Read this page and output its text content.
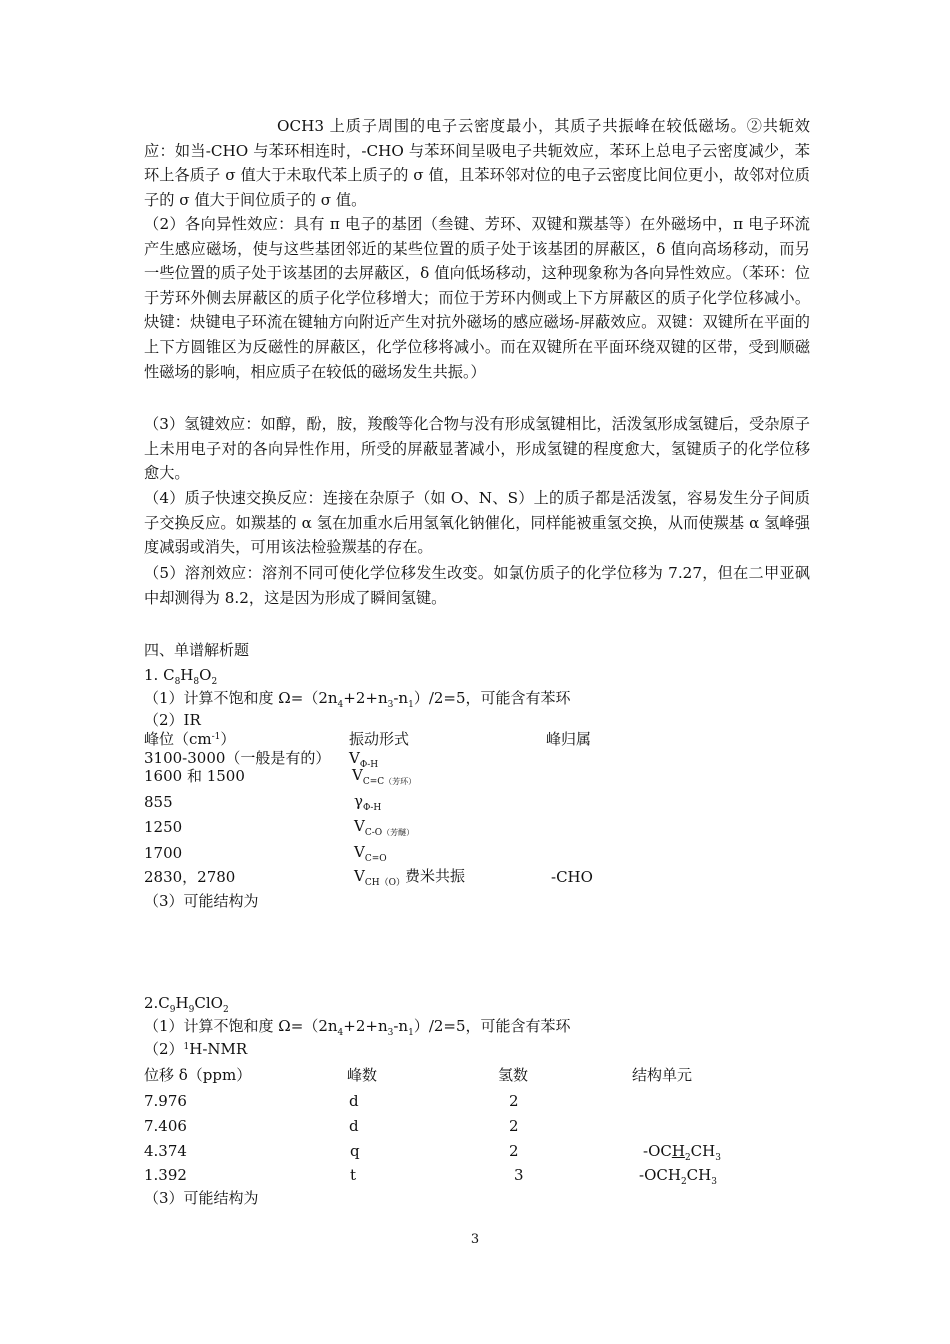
OCH3 上质子周围的电子云密度最小，其质子共振峰在较低磁场。②共轭效应：如当-CHO 与苯环相连时，-CHO 与苯环间呈吸电子共轭效应，苯环上总电子云密度减少，苯环上各质子 σ 值大于未取代苯上质子的 σ 值，且苯环邻对位的电子云密度比间位更小，故邻对位质子的 σ 值大于间位质子的 σ 值。

（2）各向异性效应：具有 π 电子的基团（叁键、芳环、双键和羰基等）在外磁场中，π 电子环流产生感应磁场，使与这些基团邻近的某些位置的质子处于该基团的屏蔽区，δ 值向高场移动，而另一些位置的质子处于该基团的去屏蔽区，δ 值向低场移动，这种现象称为各向异性效应。（苯环：位于芳环外侧去屏蔽区的质子化学位移增大；而位于芳环内侧或上下方屏蔽区的质子化学位移减小。炔键：炔键电子环流在键轴方向附近产生对抗外磁场的感应磁场-屏蔽效应。双键：双键所在平面的上下方圆锥区为反磁性的屏蔽区，化学位移将减小。而在双键所在平面环绕双键的区带，受到顺磁性磁场的影响，相应质子在较低的磁场发生共振。）

（3）氢键效应：如醇，酚，胺，羧酸等化合物与没有形成氢键相比，活泼氢形成氢键后，受杂原子上未用电子对的各向异性作用，所受的屏蔽显著减小，形成氢键的程度愈大，氢键质子的化学位移愈大。

（4）质子快速交换反应：连接在杂原子（如 O、N、S）上的质子都是活泼氢，容易发生分子间质子交换反应。如羰基的 α 氢在加重水后用氢氧化钠催化，同样能被重氢交换，从而使羰基 α 氢峰强度减弱或消失，可用该法检验羰基的存在。

（5）溶剂效应：溶剂不同可使化学位移发生改变。如氯仿质子的化学位移为 7.27，但在二甲亚砜中却测得为 8.2，这是因为形成了瞬间氢键。

四、单谱解析题
1. $C_8H_8O_2$
（1）计算不饱和度 $\Omega=(2n_4+2+n_3-n_1)/2=5$，可能含有苯环
（2）IR
峰位$(cm^{-1})$	振动形式	峰归属
3100-3000（一般是有的） $V_{\Phi-H}$
1600 和 1500	$V_{C=C(芳环)}$
855	$\gamma_{\Phi-H}$
1250	$V_{C-O(芳醚)}$
1700	$V_{C=O}$
2830，2780	$V_{CH(O)}$费米共振	-CHO
（3）可能结构为
$2.C_9H_9ClO_2$
（1）计算不饱和度 $\Omega=(2n_4+2+n_3-n_1)/2=5$，可能含有苯环
$(2)^1H$-NMR
位移 δ（ppm）	峰数	氢数	结构单元
7.976	d	2
7.406	d	2
4.374	q	2	$-OCH_2CH_3$
1.392	t	3	$-OCH_2CH_3$
（3）可能结构为
3
